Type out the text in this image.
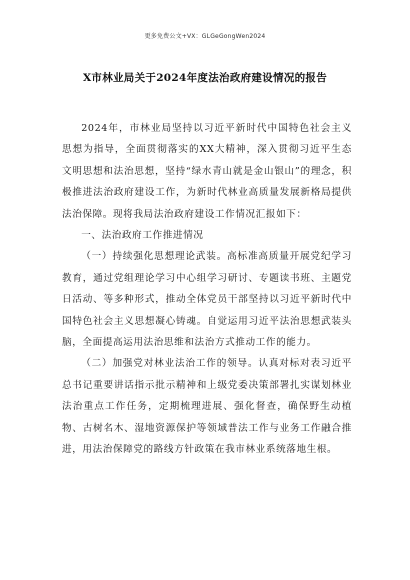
更多免费公文+VX：GLGeGongWen2024
X市林业局关于2024年度法治政府建设情况的报告

2024年，市林业局坚持以习近平新时代中国特色社会主义思想为指导，全面贯彻落实的XX大精神，深入贯彻习近平生态文明思想和法治思想，坚持“绿水青山就是金山银山”的理念，积极推进法治政府建设工作，为新时代林业高质量发展新格局提供法治保障。现将我局法治政府建设工作情况汇报如下：

一、法治政府工作推进情况

（一）持续强化思想理论武装。高标准高质量开展党纪学习教育，通过党组理论学习中心组学习研讨、专题读书班、主题党日活动、等多种形式，推动全体党员干部坚持以习近平新时代中国特色社会主义思想凝心铸魂。自觉运用习近平法治思想武装头脑，全面提高运用法治思维和法治方式推动工作的能力。

（二）加强党对林业法治工作的领导。认真对标对表习近平总书记重要讲话指示批示精神和上级党委决策部署扎实谋划林业法治重点工作任务，定期梳理进展、强化督查，确保野生动植物、古树名木、湿地资源保护等领域普法工作与业务工作融合推进，用法治保障党的路线方针政策在我市林业系统落地生根。
